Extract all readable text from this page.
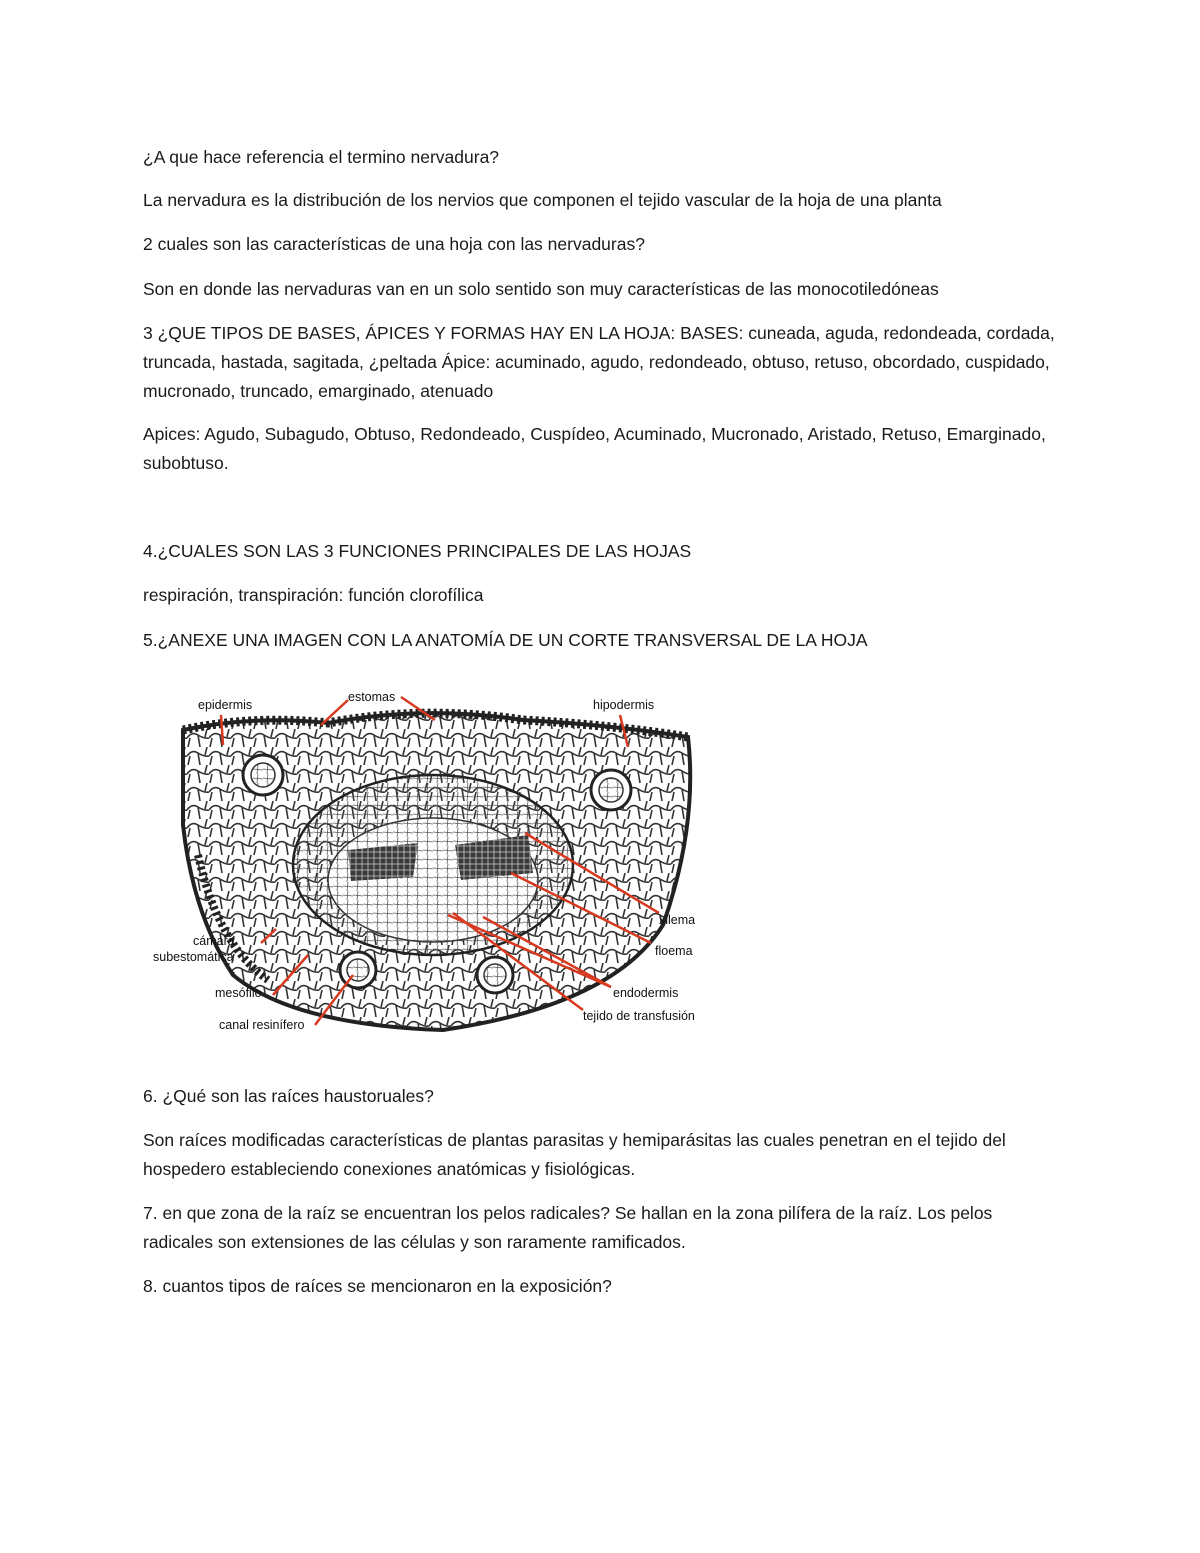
¿A que hace referencia el termino nervadura?

La nervadura es la distribución de los nervios que componen el tejido vascular de la hoja de una planta

2 cuales son las características de una hoja con las nervaduras?

Son en donde las nervaduras van en un solo sentido son muy características de las monocotiledóneas

3 ¿QUE TIPOS DE BASES, ÁPICES Y FORMAS HAY EN LA HOJA: BASES: cuneada, aguda, redondeada, cordada, truncada, hastada, sagitada, ¿peltada Ápice: acuminado, agudo, redondeado, obtuso, retuso, obcordado, cuspidado, mucronado, truncado, emarginado, atenuado

Apices: Agudo, Subagudo, Obtuso, Redondeado, Cuspídeo, Acuminado, Mucronado, Aristado, Retuso, Emarginado, subobtuso.

4.¿CUALES SON LAS 3 FUNCIONES PRINCIPALES DE LAS HOJAS

respiración, transpiración: función clorofílica

5.¿ANEXE UNA IMAGEN CON LA ANATOMÍA DE UN CORTE TRANSVERSAL DE LA HOJA

epidermis
estomas
hipodermis
xilema
floema
cámara
subestomática
mesófilo	endodermis
canal resinífero
tejido de transfusión

6. ¿Qué son las raíces haustoruales?

Son raíces modificadas características de plantas parasitas y hemiparásitas las cuales penetran en el tejido del hospedero estableciendo conexiones anatómicas y fisiológicas.

7. en que zona de la raíz se encuentran los pelos radicales? Se hallan en la zona pilífera de la raíz. Los pelos radicales son extensiones de las células y son raramente ramificados.

8. cuantos tipos de raíces se mencionaron en la exposición?
